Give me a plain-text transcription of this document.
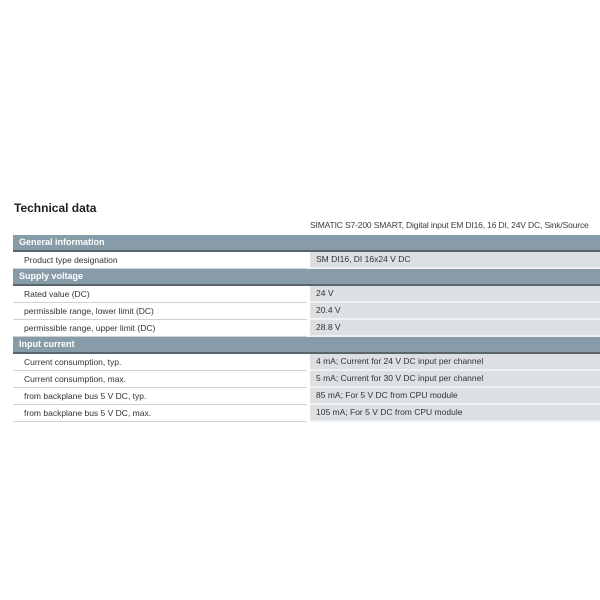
Technical data
SIMATIC S7-200 SMART, Digital input EM DI16, 16 DI, 24V DC, Sink/Source
General information
Product type designation	SM DI16, DI 16x24 V DC
Supply voltage
Rated value (DC)	24 V
permissible range, lower limit (DC)	20.4 V
permissible range, upper limit (DC)	28.8 V
Input current
Current consumption, typ.	4 mA; Current for 24 V DC input per channel
Current consumption, max.	5 mA; Current for 30 V DC input per channel
from backplane bus 5 V DC, typ.	85 mA; For 5 V DC from CPU module
from backplane bus 5 V DC, max.	105 mA; For 5 V DC from CPU module
